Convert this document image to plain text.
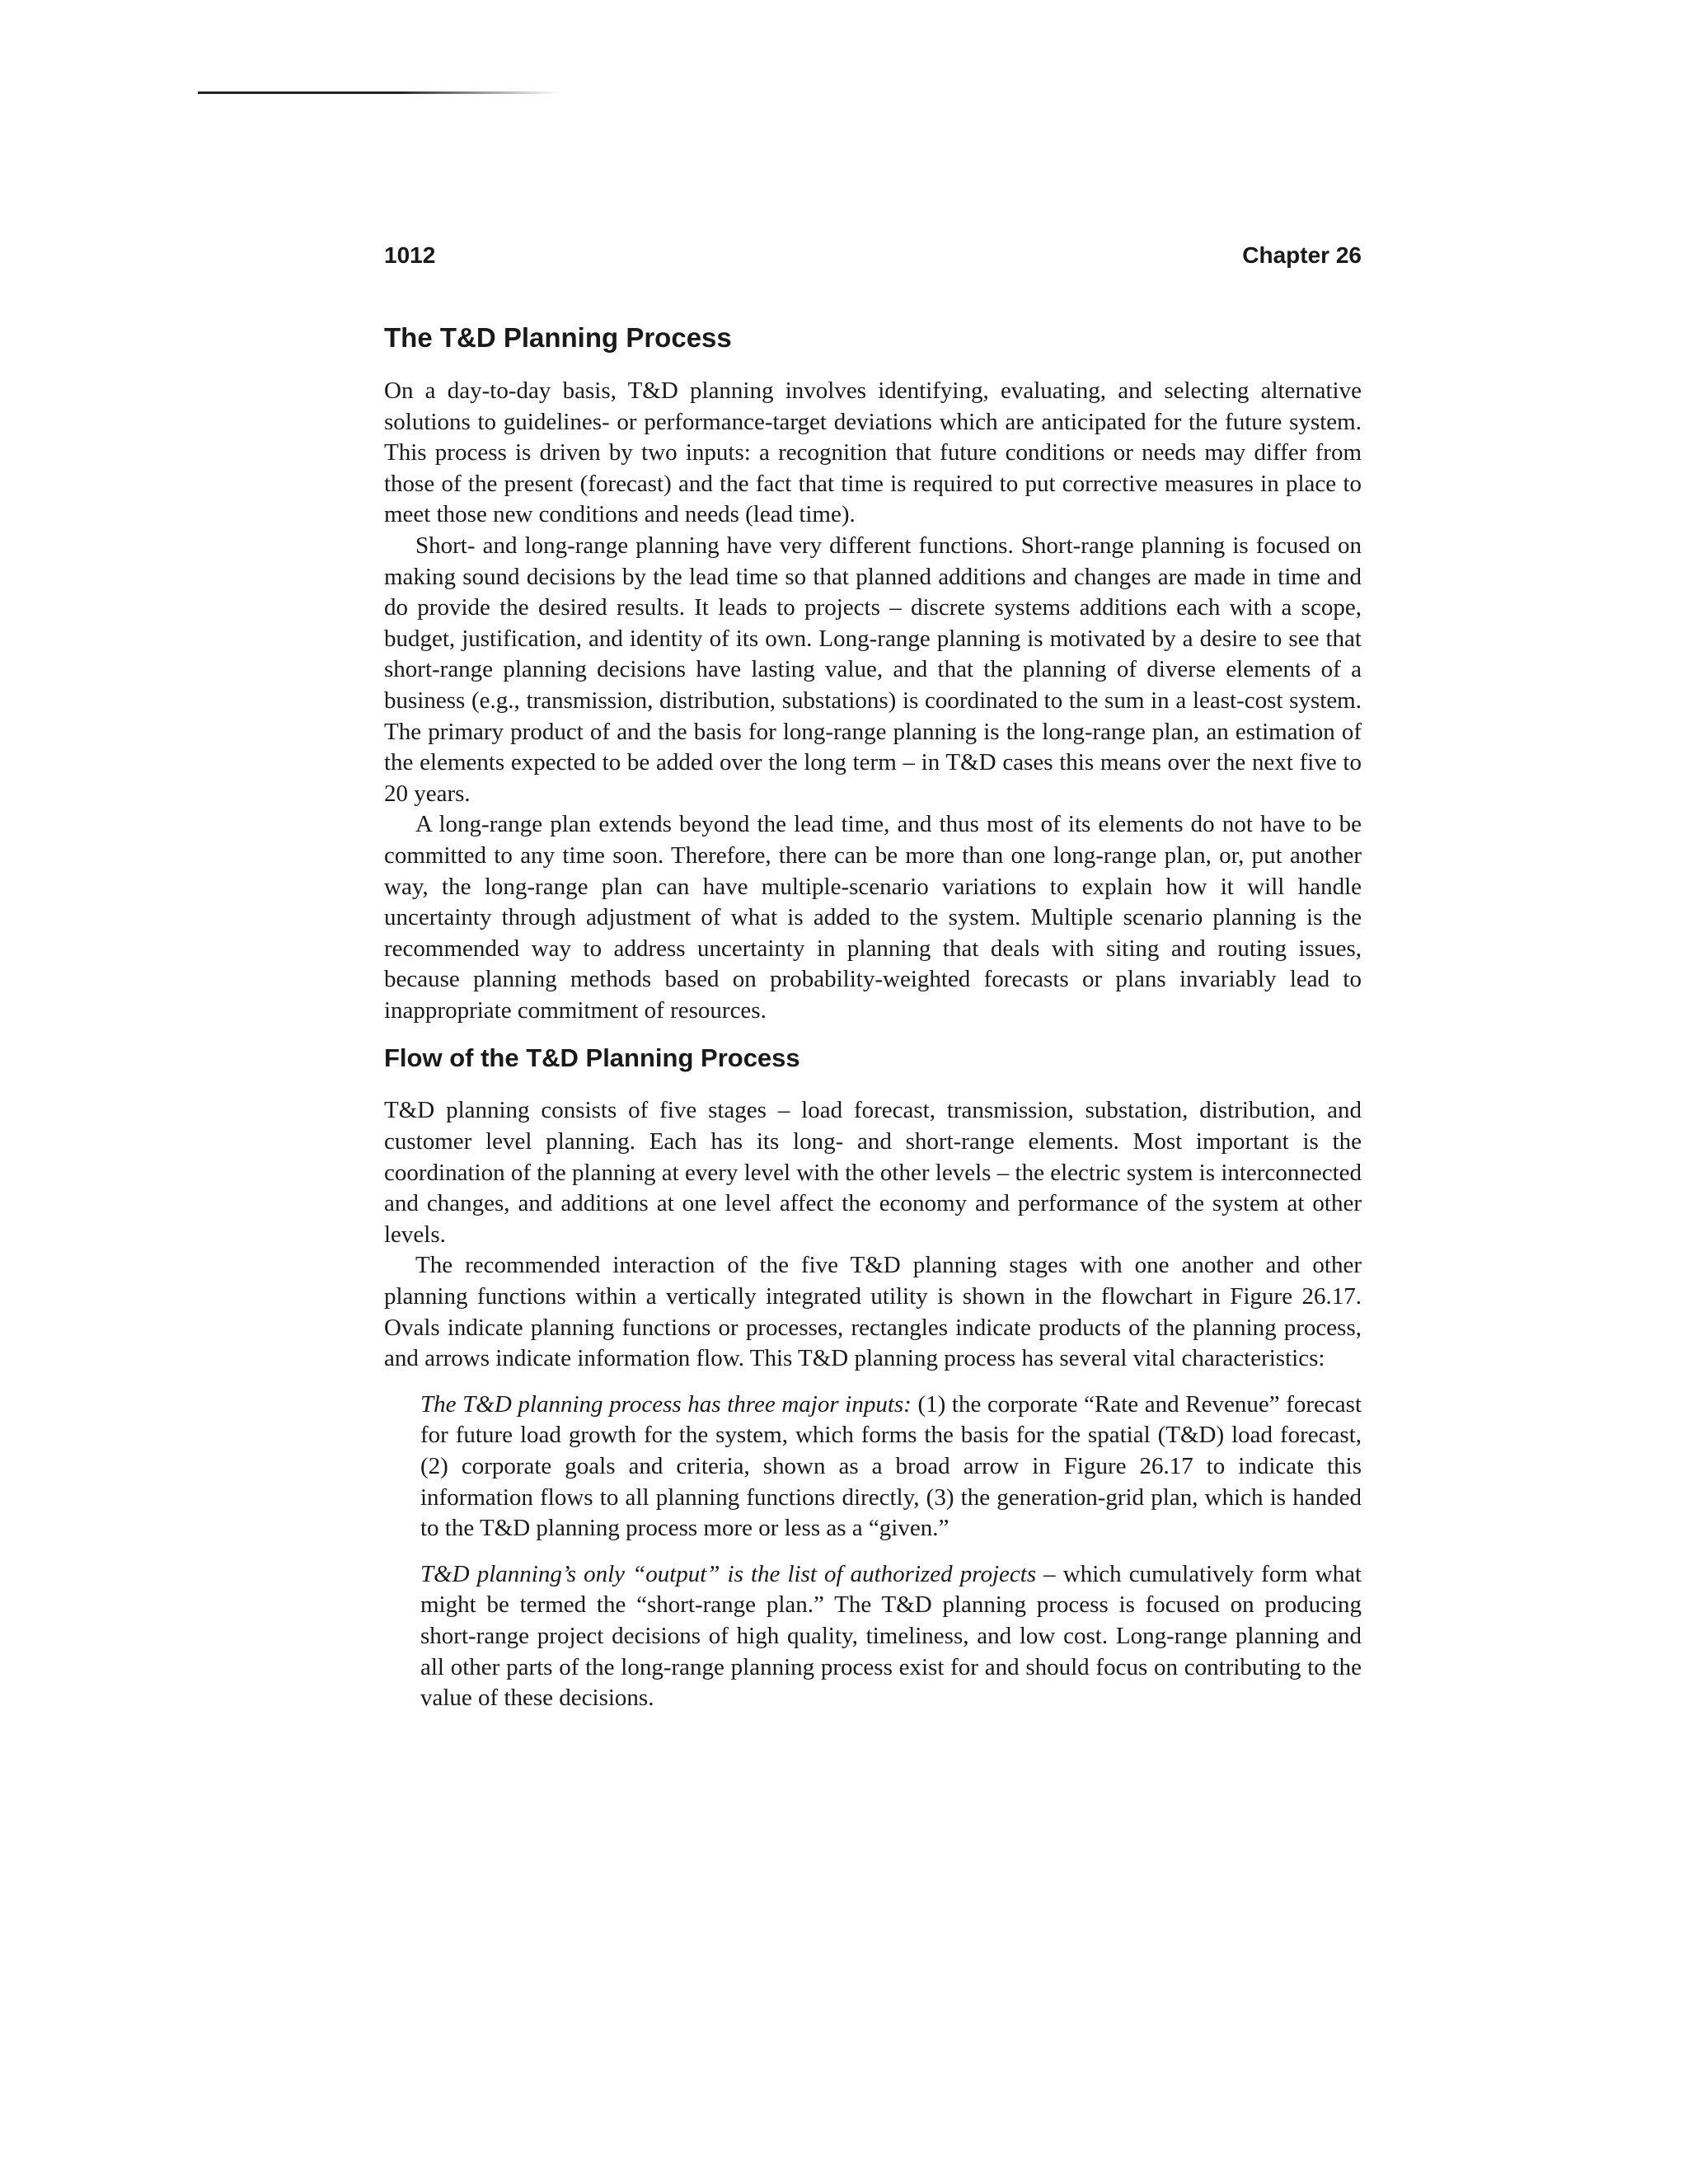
1012	Chapter 26
The T&D Planning Process

On a day-to-day basis, T&D planning involves identifying, evaluating, and selecting alternative solutions to guidelines- or performance-target deviations which are anticipated for the future system. This process is driven by two inputs: a recognition that future conditions or needs may differ from those of the present (forecast) and the fact that time is required to put corrective measures in place to meet those new conditions and needs (lead time).

Short- and long-range planning have very different functions. Short-range planning is focused on making sound decisions by the lead time so that planned additions and changes are made in time and do provide the desired results. It leads to projects – discrete systems additions each with a scope, budget, justification, and identity of its own. Long-range planning is motivated by a desire to see that short-range planning decisions have lasting value, and that the planning of diverse elements of a business (e.g., transmission, distribution, substations) is coordinated to the sum in a least-cost system. The primary product of and the basis for long-range planning is the long-range plan, an estimation of the elements expected to be added over the long term – in T&D cases this means over the next five to 20 years.

A long-range plan extends beyond the lead time, and thus most of its elements do not have to be committed to any time soon. Therefore, there can be more than one long-range plan, or, put another way, the long-range plan can have multiple-scenario variations to explain how it will handle uncertainty through adjustment of what is added to the system. Multiple scenario planning is the recommended way to address uncertainty in planning that deals with siting and routing issues, because planning methods based on probability-weighted forecasts or plans invariably lead to inappropriate commitment of resources.

Flow of the T&D Planning Process

T&D planning consists of five stages – load forecast, transmission, substation, distribution, and customer level planning. Each has its long- and short-range elements. Most important is the coordination of the planning at every level with the other levels – the electric system is interconnected and changes, and additions at one level affect the economy and performance of the system at other levels.

The recommended interaction of the five T&D planning stages with one another and other planning functions within a vertically integrated utility is shown in the flowchart in Figure 26.17. Ovals indicate planning functions or processes, rectangles indicate products of the planning process, and arrows indicate information flow. This T&D planning process has several vital characteristics:

The T&D planning process has three major inputs: (1) the corporate “Rate and Revenue” forecast for future load growth for the system, which forms the basis for the spatial (T&D) load forecast, (2) corporate goals and criteria, shown as a broad arrow in Figure 26.17 to indicate this information flows to all planning functions directly, (3) the generation-grid plan, which is handed to the T&D planning process more or less as a “given.”

T&D planning’s only “output” is the list of authorized projects – which cumulatively form what might be termed the “short-range plan.” The T&D planning process is focused on producing short-range project decisions of high quality, timeliness, and low cost. Long-range planning and all other parts of the long-range planning process exist for and should focus on contributing to the value of these decisions.
